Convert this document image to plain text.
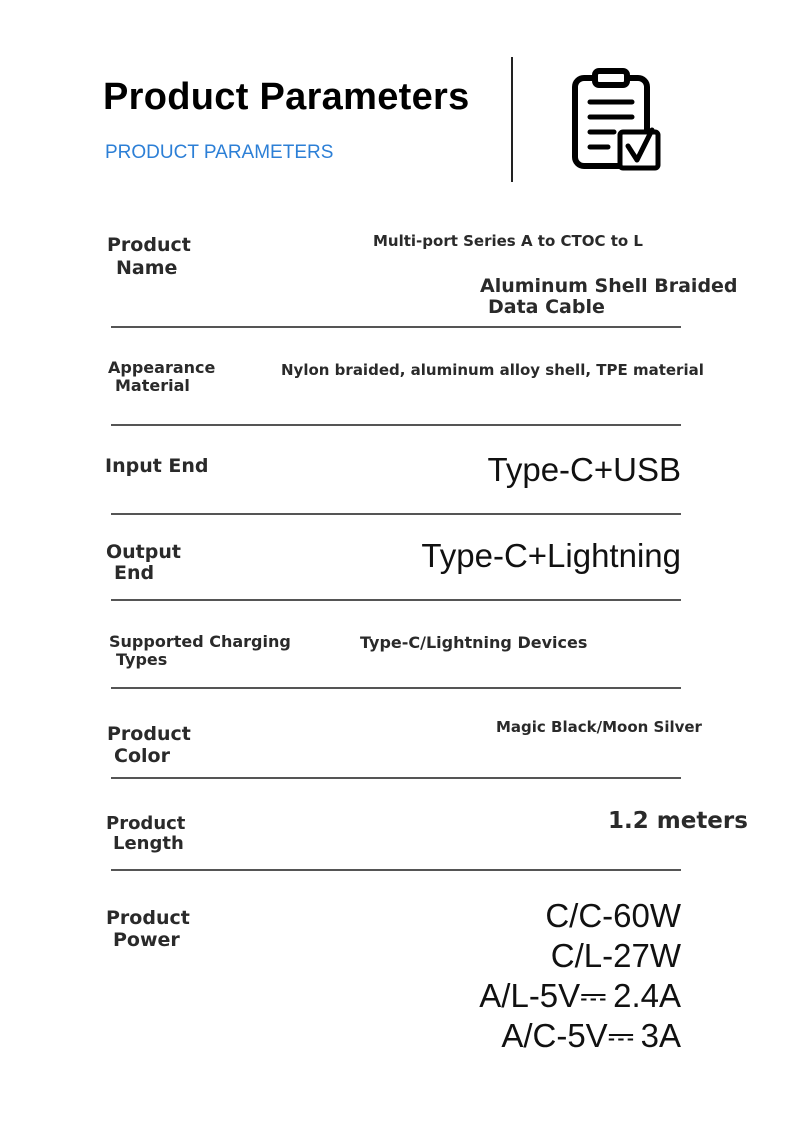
Product Parameters
PRODUCT PARAMETERS
Product
Name
Multi-port Series A to CTOC to L
Aluminum Shell Braided
Data Cable
Appearance
Material
Nylon braided, aluminum alloy shell, TPE material
Input End	Type-C+USB
Output
End	Type-C+Lightning
Supported Charging
Types
Type-C/Lightning Devices
Product
Color
Magic Black/Moon Silver
Product
Length
1.2 meters
Product
Power
C/C-60W
C/L-27W
A/L-5V⎓ 2.4A
A/C-5V⎓ 3A
